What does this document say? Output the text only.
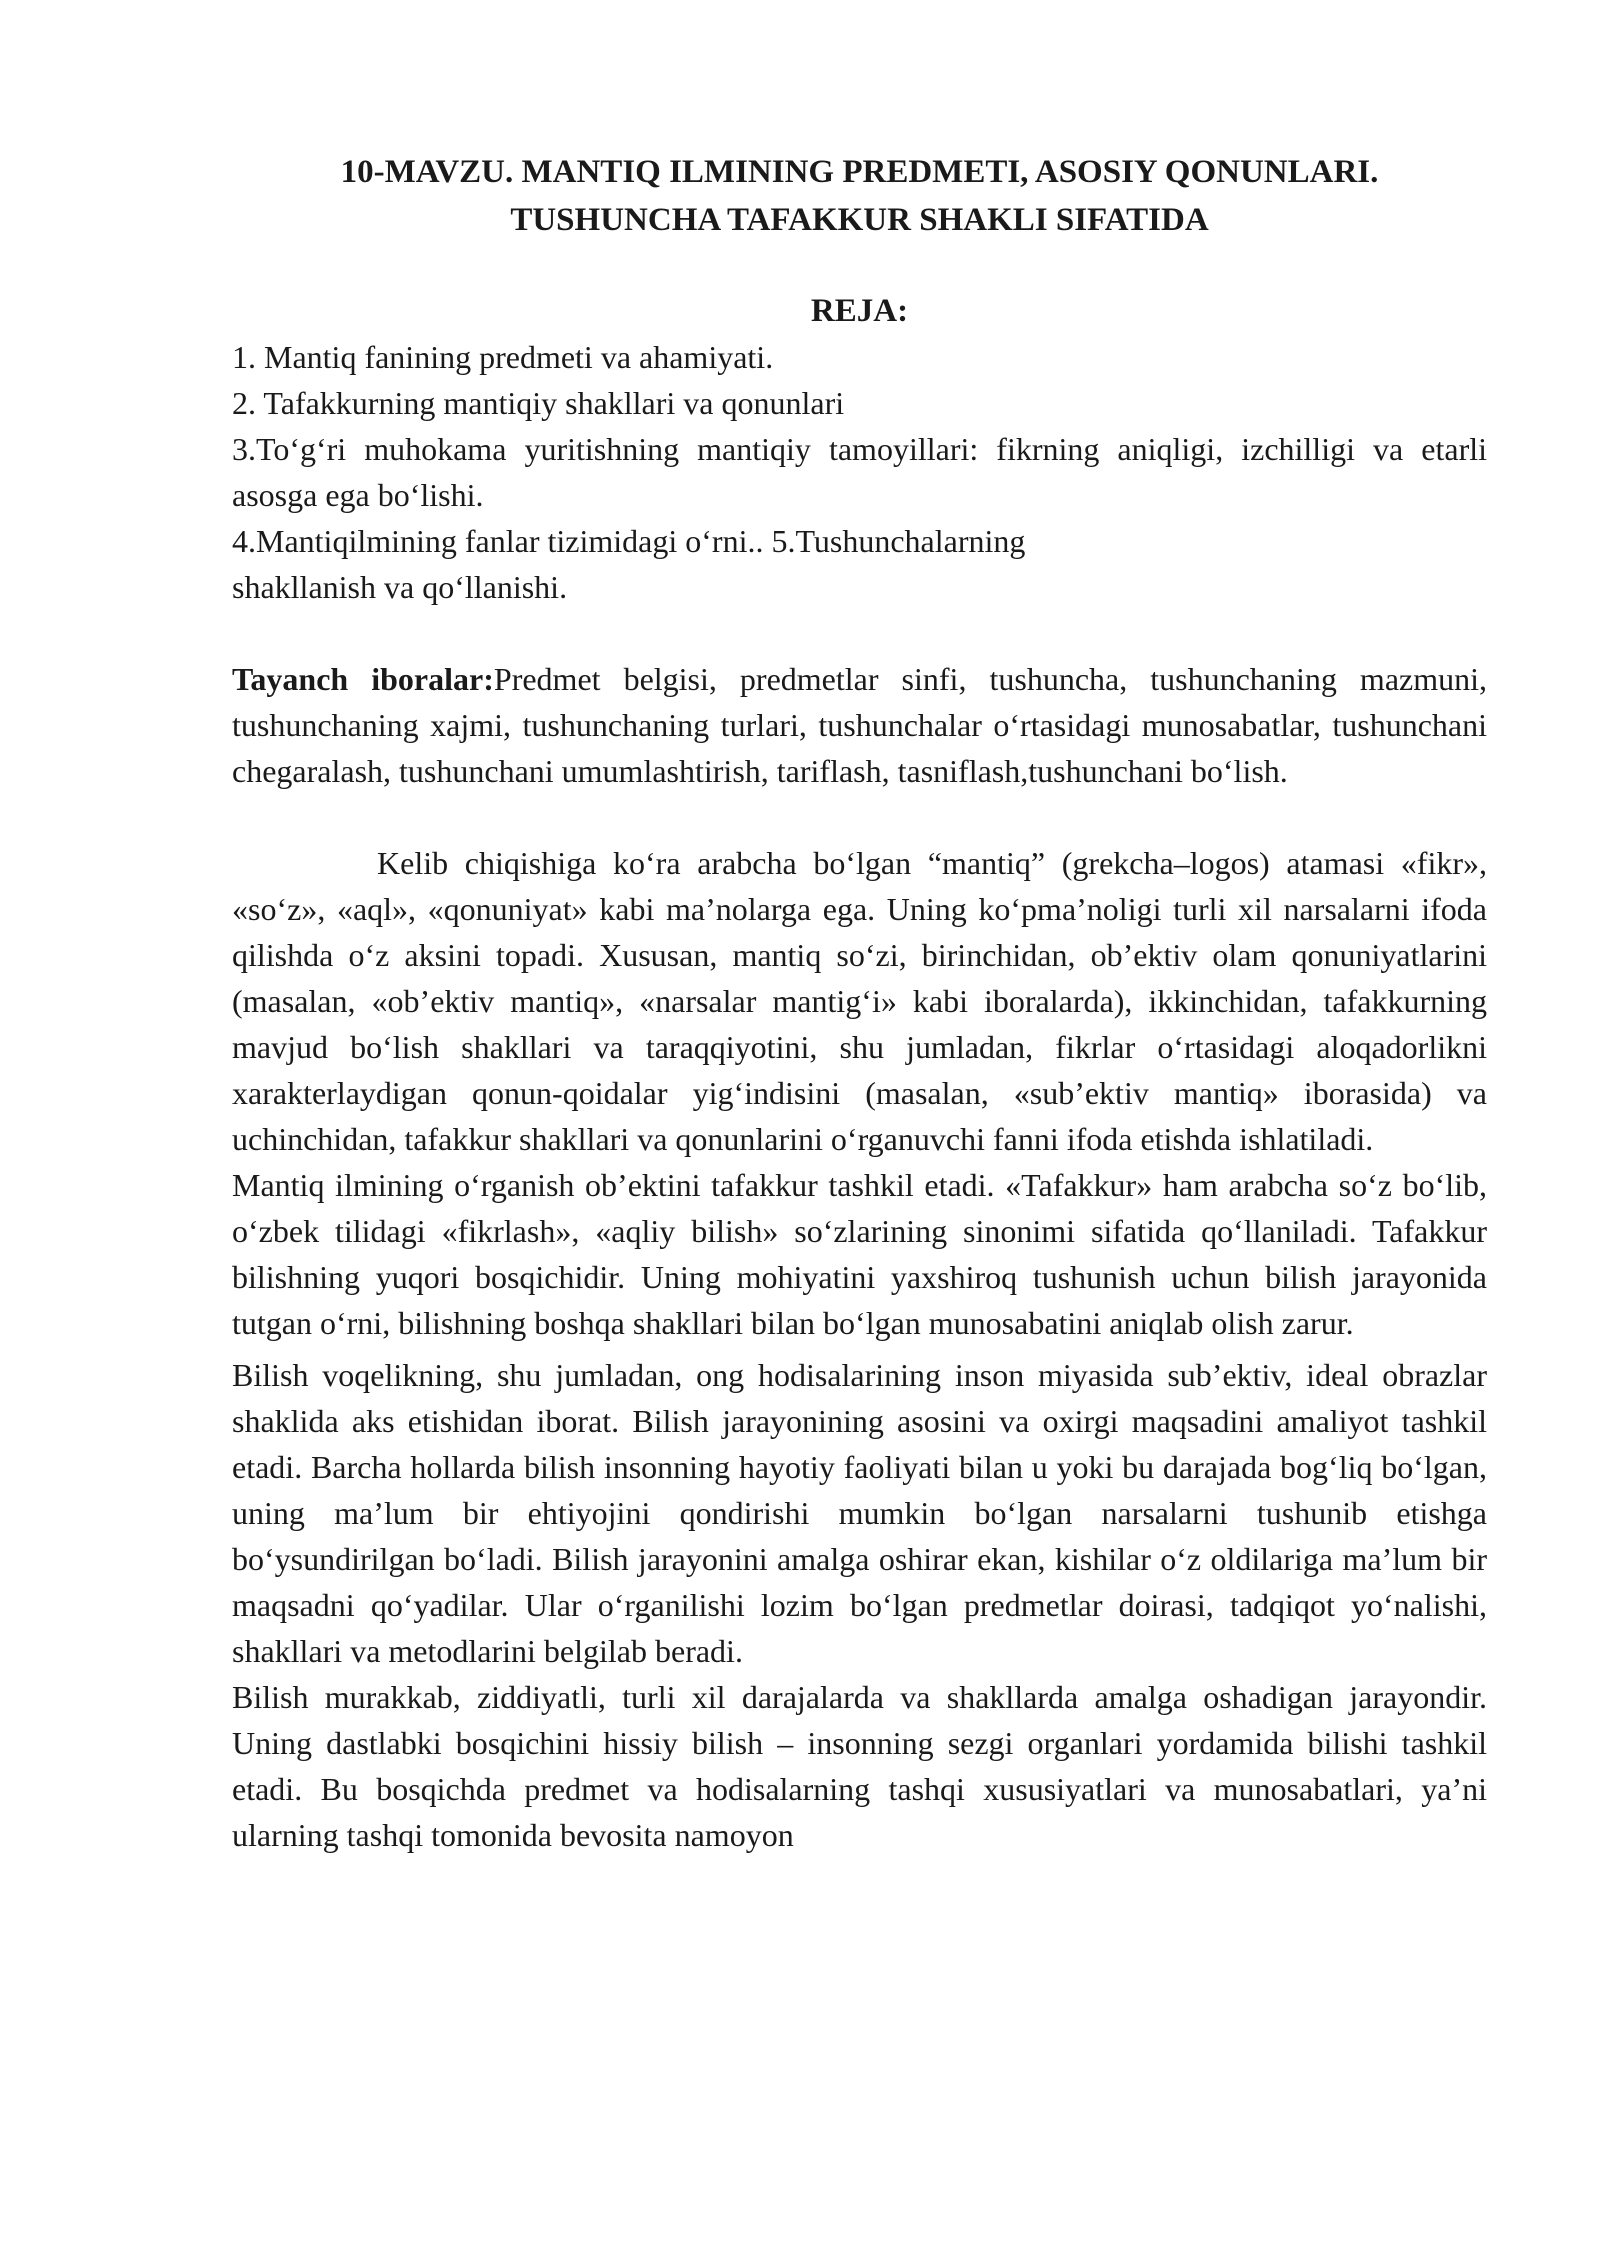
10-MAVZU. MANTIQ ILMINING PREDMETI, ASOSIY QONUNLARI.
TUSHUNCHA TAFAKKUR SHAKLI SIFATIDA
REJA:
1. Mantiq fanining predmeti va ahamiyati.
2. Tafakkurning mantiqiy shakllari va qonunlari
3.To‘g‘ri muhokama yuritishning mantiqiy tamoyillari: fikrning aniqligi, izchilligi va etarli asosga ega bo‘lishi.
4.Mantiqilmining fanlar tizimidagi o‘rni.. 5.Tushunchalarning
shakllanish va qo‘llanishi.

Tayanch iboralar:Predmet belgisi, predmetlar sinfi, tushuncha, tushunchaning mazmuni, tushunchaning xajmi, tushunchaning turlari, tushunchalar o‘rtasidagi munosabatlar, tushunchani chegaralash, tushunchani umumlashtirish, tariflash, tasniflash,tushunchani bo‘lish.

Kelib chiqishiga ko‘ra arabcha bo‘lgan “mantiq” (grekcha–logos) atamasi «fikr», «so‘z», «aql», «qonuniyat» kabi ma’nolarga ega. Uning ko‘pma’noligi turli xil narsalarni ifoda qilishda o‘z aksini topadi. Xususan, mantiq so‘zi, birinchidan, ob’ektiv olam qonuniyatlarini (masalan, «ob’ektiv mantiq», «narsalar mantig‘i» kabi iboralarda), ikkinchidan, tafakkurning mavjud bo‘lish shakllari va taraqqiyotini, shu jumladan, fikrlar o‘rtasidagi aloqadorlikni xarakterlaydigan qonun-qoidalar yig‘indisini (masalan, «sub’ektiv mantiq» iborasida) va uchinchidan, tafakkur shakllari va qonunlarini o‘rganuvchi fanni ifoda etishda ishlatiladi.

Mantiq ilmining o‘rganish ob’ektini tafakkur tashkil etadi. «Tafakkur» ham arabcha so‘z bo‘lib, o‘zbek tilidagi «fikrlash», «aqliy bilish» so‘zlarining sinonimi sifatida qo‘llaniladi. Tafakkur bilishning yuqori bosqichidir. Uning mohiyatini yaxshiroq tushunish uchun bilish jarayonida tutgan o‘rni, bilishning boshqa shakllari bilan bo‘lgan munosabatini aniqlab olish zarur.

Bilish voqelikning, shu jumladan, ong hodisalarining inson miyasida sub’ektiv, ideal obrazlar shaklida aks etishidan iborat. Bilish jarayonining asosini va oxirgi maqsadini amaliyot tashkil etadi. Barcha hollarda bilish insonning hayotiy faoliyati bilan u yoki bu darajada bog‘liq bo‘lgan, uning ma’lum bir ehtiyojini qondirishi mumkin bo‘lgan narsalarni tushunib etishga bo‘ysundirilgan bo‘ladi. Bilish jarayonini amalga oshirar ekan, kishilar o‘z oldilariga ma’lum bir maqsadni qo‘yadilar. Ular o‘rganilishi lozim bo‘lgan predmetlar doirasi, tadqiqot yo‘nalishi, shakllari va metodlarini belgilab beradi.

Bilish murakkab, ziddiyatli, turli xil darajalarda va shakllarda amalga oshadigan jarayondir. Uning dastlabki bosqichini hissiy bilish – insonning sezgi organlari yordamida bilishi tashkil etadi. Bu bosqichda predmet va hodisalarning tashqi xususiyatlari va munosabatlari, ya’ni ularning tashqi tomonida bevosita namoyon
